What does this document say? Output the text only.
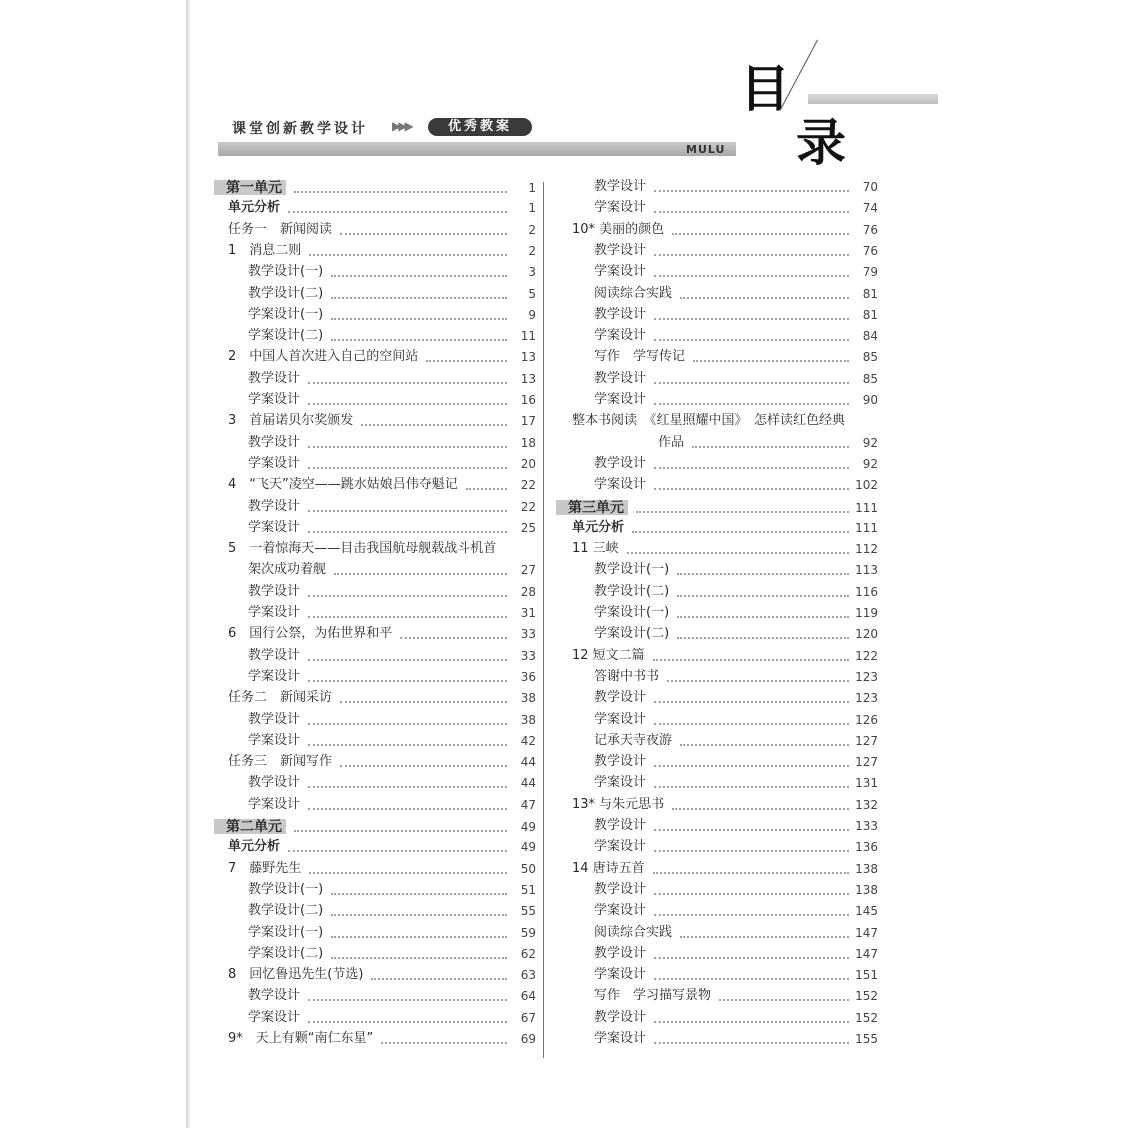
课堂创新教学设计 ▶▶▶	优秀教案
MULU
目
录
第一单元	1
单元分析	1
任务一　新闻阅读	2
1　消息二则	2
教学设计(一)	3
教学设计(二)	5
学案设计(一)	9
学案设计(二)	11
2　中国人首次进入自己的空间站	13
教学设计	13
学案设计	16
3　首届诺贝尔奖颁发	17
教学设计	18
学案设计	20
4　“飞天”凌空——跳水姑娘吕伟夺魁记	22
教学设计	22
学案设计	25
5　一着惊海天——目击我国航母舰载战斗机首
架次成功着舰	27
教学设计	28
学案设计	31
6　国行公祭，为佑世界和平	33
教学设计	33
学案设计	36
任务二　新闻采访	38
教学设计	38
学案设计	42
任务三　新闻写作	44
教学设计	44
学案设计	47
第二单元	49
单元分析	49
7　藤野先生	50
教学设计(一)	51
教学设计(二)	55
学案设计(一)	59
学案设计(二)	62
8　回忆鲁迅先生(节选)	63
教学设计	64
学案设计	67
9*　天上有颗“南仁东星”	69
教学设计	70
学案设计	74
10* 美丽的颜色	76
教学设计	76
学案设计	79
阅读综合实践	81
教学设计	81
学案设计	84
写作　学写传记	85
教学设计	85
学案设计	90
整本书阅读　《红星照耀中国》　怎样读红色经典
作品	92
教学设计	92
学案设计	102
第三单元	111
单元分析	111
11 三峡	112
教学设计(一)	113
教学设计(二)	116
学案设计(一)	119
学案设计(二)	120
12 短文二篇	122
答谢中书书	123
教学设计	123
学案设计	126
记承天寺夜游	127
教学设计	127
学案设计	131
13* 与朱元思书	132
教学设计	133
学案设计	136
14 唐诗五首	138
教学设计	138
学案设计	145
阅读综合实践	147
教学设计	147
学案设计	151
写作　学习描写景物	152
教学设计	152
学案设计	155
